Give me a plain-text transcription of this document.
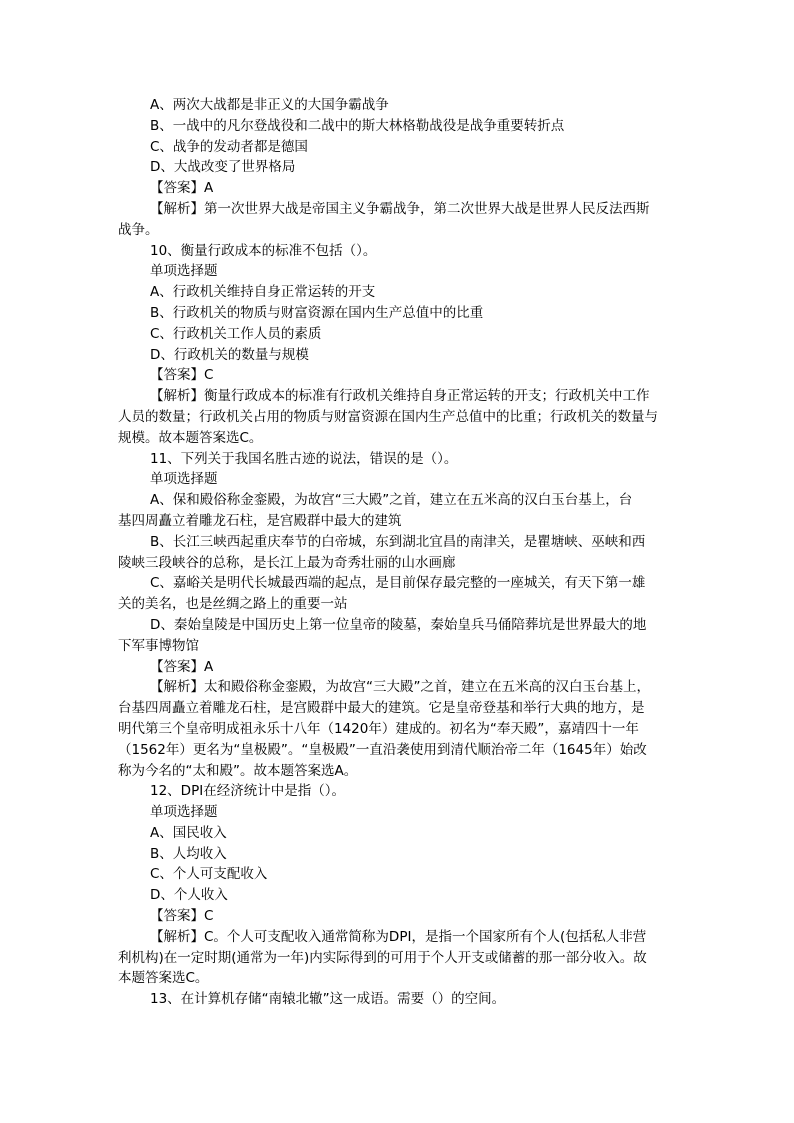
A、两次大战都是非正义的大国争霸战争
B、一战中的凡尔登战役和二战中的斯大林格勒战役是战争重要转折点
C、战争的发动者都是德国
D、大战改变了世界格局
【答案】A
【解析】第一次世界大战是帝国主义争霸战争，第二次世界大战是世界人民反法西斯
战争。
10、衡量行政成本的标准不包括（）。
单项选择题
A、行政机关维持自身正常运转的开支
B、行政机关的物质与财富资源在国内生产总值中的比重
C、行政机关工作人员的素质
D、行政机关的数量与规模
【答案】C
【解析】衡量行政成本的标准有行政机关维持自身正常运转的开支；行政机关中工作
人员的数量；行政机关占用的物质与财富资源在国内生产总值中的比重；行政机关的数量与
规模。故本题答案选C。
11、下列关于我国名胜古迹的说法，错误的是（）。
单项选择题
A、保和殿俗称金銮殿，为故宫“三大殿”之首，建立在五米高的汉白玉台基上，台
基四周矗立着雕龙石柱，是宫殿群中最大的建筑
B、长江三峡西起重庆奉节的白帝城，东到湖北宜昌的南津关，是瞿塘峡、巫峡和西
陵峡三段峡谷的总称，是长江上最为奇秀壮丽的山水画廊
C、嘉峪关是明代长城最西端的起点，是目前保存最完整的一座城关，有天下第一雄
关的美名，也是丝绸之路上的重要一站
D、秦始皇陵是中国历史上第一位皇帝的陵墓，秦始皇兵马俑陪葬坑是世界最大的地
下军事博物馆
【答案】A
【解析】太和殿俗称金銮殿，为故宫“三大殿”之首，建立在五米高的汉白玉台基上，
台基四周矗立着雕龙石柱，是宫殿群中最大的建筑。它是皇帝登基和举行大典的地方，是
明代第三个皇帝明成祖永乐十八年（1420年）建成的。初名为“奉天殿”，嘉靖四十一年
（1562年）更名为“皇极殿”。“皇极殿”一直沿袭使用到清代顺治帝二年（1645年）始改
称为今名的“太和殿”。故本题答案选A。
12、DPI在经济统计中是指（）。
单项选择题
A、国民收入
B、人均收入
C、个人可支配收入
D、个人收入
【答案】C
【解析】C。个人可支配收入通常简称为DPI，是指一个国家所有个人(包括私人非营
利机构)在一定时期(通常为一年)内实际得到的可用于个人开支或储蓄的那一部分收入。故
本题答案选C。
13、在计算机存储“南辕北辙”这一成语。需要（）的空间。
